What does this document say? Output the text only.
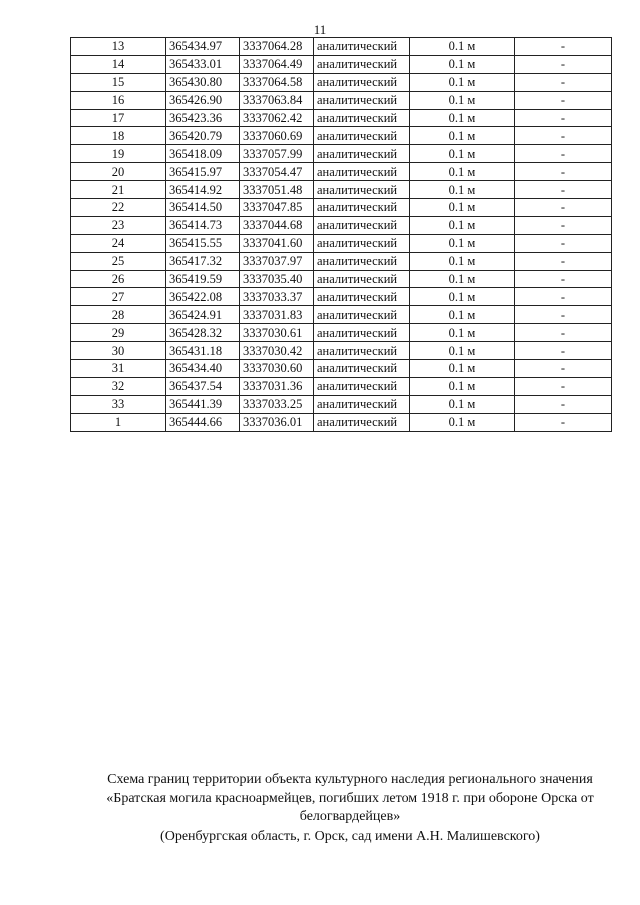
11
13	365434.97	3337064.28	аналитический	0.1 м	-
14	365433.01	3337064.49	аналитический	0.1 м	-
15	365430.80	3337064.58	аналитический	0.1 м	-
16	365426.90	3337063.84	аналитический	0.1 м	-
17	365423.36	3337062.42	аналитический	0.1 м	-
18	365420.79	3337060.69	аналитический	0.1 м	-
19	365418.09	3337057.99	аналитический	0.1 м	-
20	365415.97	3337054.47	аналитический	0.1 м	-
21	365414.92	3337051.48	аналитический	0.1 м	-
22	365414.50	3337047.85	аналитический	0.1 м	-
23	365414.73	3337044.68	аналитический	0.1 м	-
24	365415.55	3337041.60	аналитический	0.1 м	-
25	365417.32	3337037.97	аналитический	0.1 м	-
26	365419.59	3337035.40	аналитический	0.1 м	-
27	365422.08	3337033.37	аналитический	0.1 м	-
28	365424.91	3337031.83	аналитический	0.1 м	-
29	365428.32	3337030.61	аналитический	0.1 м	-
30	365431.18	3337030.42	аналитический	0.1 м	-
31	365434.40	3337030.60	аналитический	0.1 м	-
32	365437.54	3337031.36	аналитический	0.1 м	-
33	365441.39	3337033.25	аналитический	0.1 м	-
1	365444.66	3337036.01	аналитический	0.1 м	-
Схема границ территории объекта культурного наследия регионального значения
«Братская могила красноармейцев, погибших летом 1918 г. при обороне Орска от
белогвардейцев»
(Оренбургская область, г. Орск, сад имени А.Н. Малишевского)
